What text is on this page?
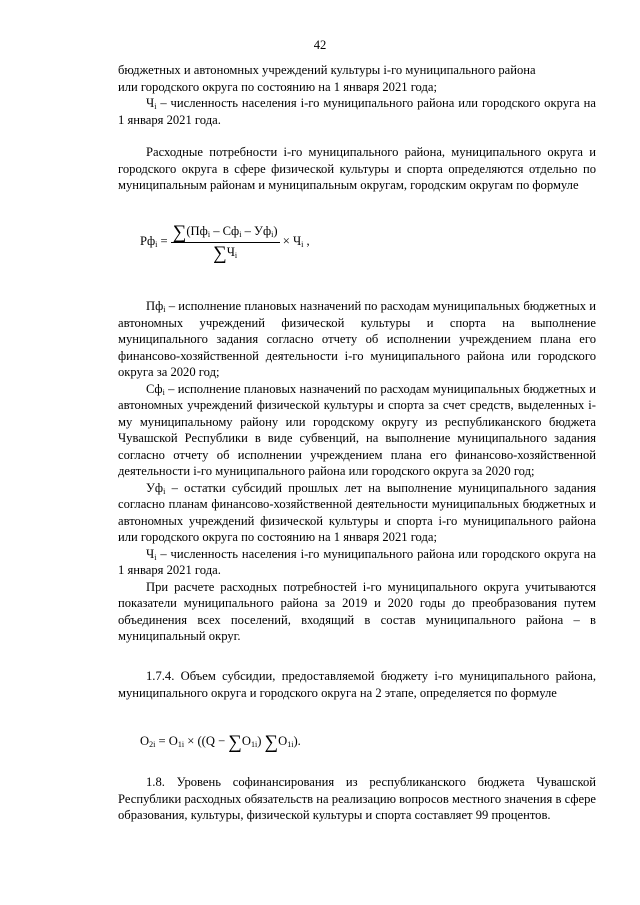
42

бюджетных и автономных учреждений культуры i-го муниципального района

или городского округа по состоянию на 1 января 2021 года;

$Ч_i$ – численность населения i-го муниципального района или городского округа на 1 января 2021 года.

Расходные потребности i-го муниципального района, муниципального округа и городского округа в сфере физической культуры и спорта определяются отдельно по муниципальным районам и муниципальным округам, городским округам по формуле

$Рф_i = \frac{\sum(Пф_i - Сф_i - Уф_i)}{\sum Ч_i} \times Ч_i$ ,

$Пф_i$ – исполнение плановых назначений по расходам муниципальных бюджетных и автономных учреждений физической культуры и спорта на выполнение муниципального задания согласно отчету об исполнении учреждением плана его финансово-хозяйственной деятельности i-го муниципального района или городского округа за 2020 год;

$Сф_i$ – исполнение плановых назначений по расходам муниципальных бюджетных и автономных учреждений физической культуры и спорта за счет средств, выделенных i-му муниципальному району или городскому округу из республиканского бюджета Чувашской Республики в виде субвенций, на выполнение муниципального задания согласно отчету об исполнении учреждением плана его финансово-хозяйственной деятельности i-го муниципального района или городского округа за 2020 год;

$Уф_i$ – остатки субсидий прошлых лет на выполнение муниципального задания согласно планам финансово-хозяйственной деятельности муниципальных бюджетных и автономных учреждений физической культуры и спорта i-го муниципального района или городского округа по состоянию на 1 января 2021 года;

$Ч_i$ – численность населения i-го муниципального района или городского округа на 1 января 2021 года.

При расчете расходных потребностей i-го муниципального округа учитываются показатели муниципального района за 2019 и 2020 годы до преобразования путем объединения всех поселений, входящий в состав муниципального района – в муниципальный округ.

1.7.4. Объем субсидии, предоставляемой бюджету i-го муниципального района, муниципального округа и городского округа на 2 этапе, определяется по формуле

$O_{2i} = O_{1i} \times ((Q - \sum O_{1i})$ $\sum O_{1i}$).

1.8. Уровень софинансирования из республиканского бюджета Чувашской Республики расходных обязательств на реализацию вопросов местного значения в сфере образования, культуры, физической культуры и спорта составляет 99 процентов.
